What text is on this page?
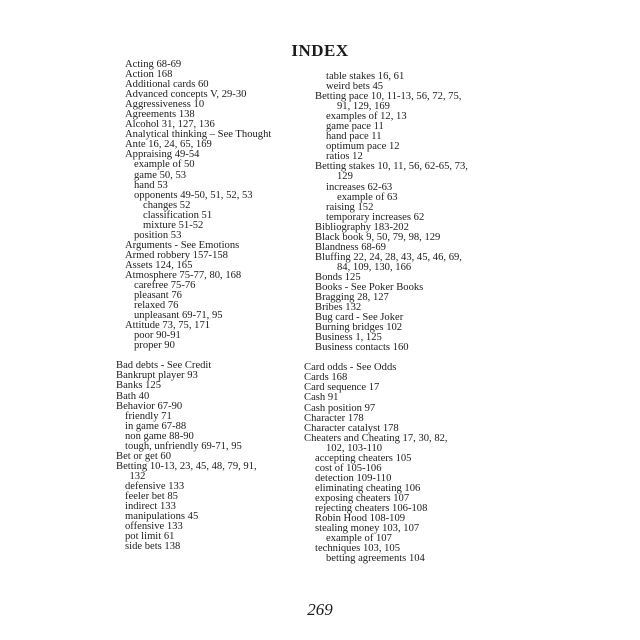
INDEX
Acting 68-69
Action 168
Additional cards 60
Advanced concepts V, 29-30
Aggressiveness 10
Agreements 138
Alcohol 31, 127, 136
Analytical thinking – See Thought
Ante 16, 24, 65, 169
Appraising 49-54
example of 50
game 50, 53
hand 53
opponents 49-50, 51, 52, 53
changes 52
classification 51
mixture 51-52
position 53
Arguments - See Emotions
Armed robbery 157-158
Assets 124, 165
Atmosphere 75-77, 80, 168
carefree 75-76
pleasant 76
relaxed 76
unpleasant 69-71, 95
Attitude 73, 75, 171
poor 90-91
proper 90
Bad debts - See Credit
Bankrupt player 93
Banks 125
Bath 40
Behavior 67-90
friendly 71
in game 67-88
non game 88-90
tough, unfriendly 69-71, 95
Bet or get 60
Betting 10-13, 23, 45, 48, 79, 91,
132
defensive 133
feeler bet 85
indirect 133
manipulations 45
offensive 133
pot limit 61
side bets 138
table stakes 16, 61
weird bets 45
Betting pace 10, 11-13, 56, 72, 75,
91, 129, 169
examples of 12, 13
game pace 11
hand pace 11
optimum pace 12
ratios 12
Betting stakes 10, 11, 56, 62-65, 73,
129
increases 62-63
example of 63
raising 152
temporary increases 62
Bibliography 183-202
Black book 9, 50, 79, 98, 129
Blandness 68-69
Bluffing 22, 24, 28, 43, 45, 46, 69,
84, 109, 130, 166
Bonds 125
Books - See Poker Books
Bragging 28, 127
Bribes 132
Bug card - See Joker
Burning bridges 102
Business 1, 125
Business contacts 160
Card odds - See Odds
Cards 168
Card sequence 17
Cash 91
Cash position 97
Character 178
Character catalyst 178
Cheaters and Cheating 17, 30, 82,
102, 103-110
accepting cheaters 105
cost of 105-106
detection 109-110
eliminating cheating 106
exposing cheaters 107
rejecting cheaters 106-108
Robin Hood 108-109
stealing money 103, 107
example of 107
techniques 103, 105
betting agreements 104
269
